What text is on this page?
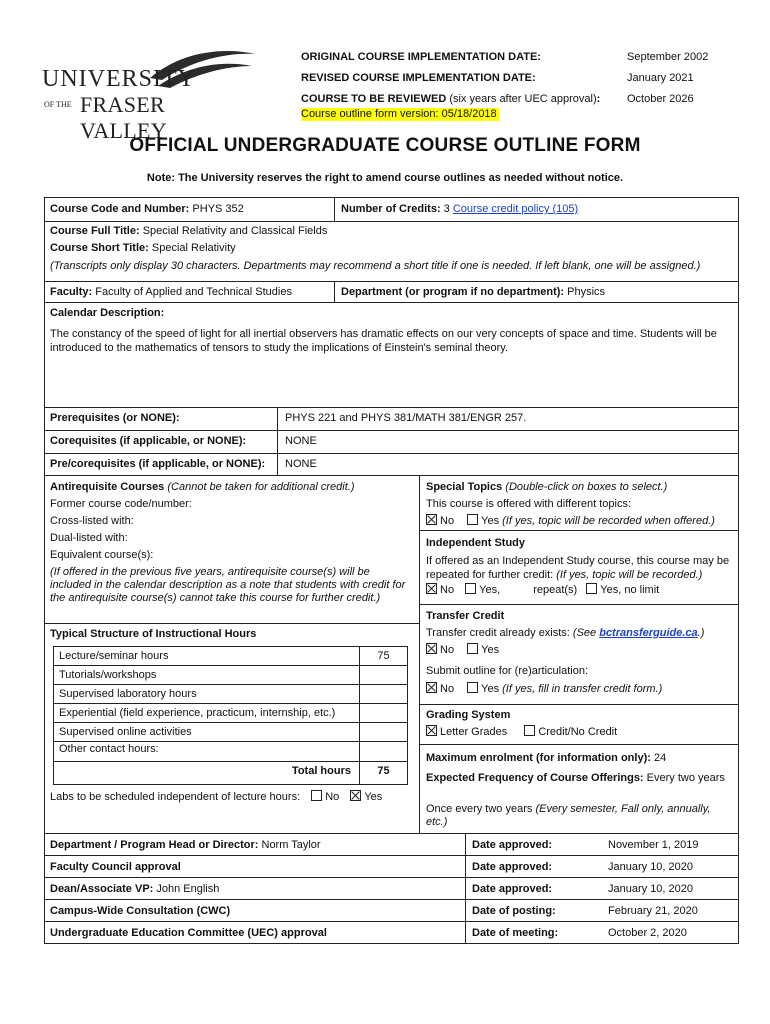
UNIVERSITY
OF THE FRASER VALLEY
ORIGINAL COURSE IMPLEMENTATION DATE:	September 2002
REVISED COURSE IMPLEMENTATION DATE:	January 2021
COURSE TO BE REVIEWED (six years after UEC approval):	October 2026
Course outline form version: 05/18/2018
OFFICIAL UNDERGRADUATE COURSE OUTLINE FORM
Note: The University reserves the right to amend course outlines as needed without notice.
Course Code and Number: PHYS 352	Number of Credits: 3 Course credit policy (105)
Course Full Title: Special Relativity and Classical Fields
Course Short Title: Special Relativity
(Transcripts only display 30 characters. Departments may recommend a short title if one is needed. If left blank, one will be assigned.)
Faculty: Faculty of Applied and Technical Studies	Department (or program if no department): Physics
Calendar Description:
The constancy of the speed of light for all inertial observers has dramatic effects on our very concepts of space and time. Students will be introduced to the mathematics of tensors to study the implications of Einstein's seminal theory.
Prerequisites (or NONE):	PHYS 221 and PHYS 381/MATH 381/ENGR 257.
Corequisites (if applicable, or NONE):	NONE
Pre/corequisites (if applicable, or NONE): NONE
Antirequisite Courses (Cannot be taken for additional credit.)
Former course code/number:
Cross-listed with:
Dual-listed with:
Equivalent course(s):
(If offered in the previous five years, antirequisite course(s) will be included in the calendar description as a note that students with credit for the antirequisite course(s) cannot take this course for further credit.)
Typical Structure of Instructional Hours
Lecture/seminar hours	75
Tutorials/workshops
Supervised laboratory hours
Experiential (field experience, practicum, internship, etc.)
Supervised online activities
Other contact hours:
Total hours	75
Labs to be scheduled independent of lecture hours: No Yes
Special Topics (Double-click on boxes to select.)
This course is offered with different topics:
No Yes (If yes, topic will be recorded when offered.)
Independent Study
If offered as an Independent Study course, this course may be repeated for further credit: (If yes, topic will be recorded.)
No Yes,	repeat(s) Yes, no limit
Transfer Credit
Transfer credit already exists: (See bctransferguide.ca.)
No Yes
Submit outline for (re)articulation:
No Yes (If yes, fill in transfer credit form.)
Grading System
Letter Grades	Credit/No Credit
Maximum enrolment (for information only): 24
Expected Frequency of Course Offerings: Every two years
Once every two years (Every semester, Fall only, annually, etc.)
Department / Program Head or Director: Norm Taylor	Date approved:	November 1, 2019
Faculty Council approval	Date approved:	January 10, 2020
Dean/Associate VP: John English	Date approved:	January 10, 2020
Campus-Wide Consultation (CWC)	Date of posting:	February 21, 2020
Undergraduate Education Committee (UEC) approval	Date of meeting:	October 2, 2020
